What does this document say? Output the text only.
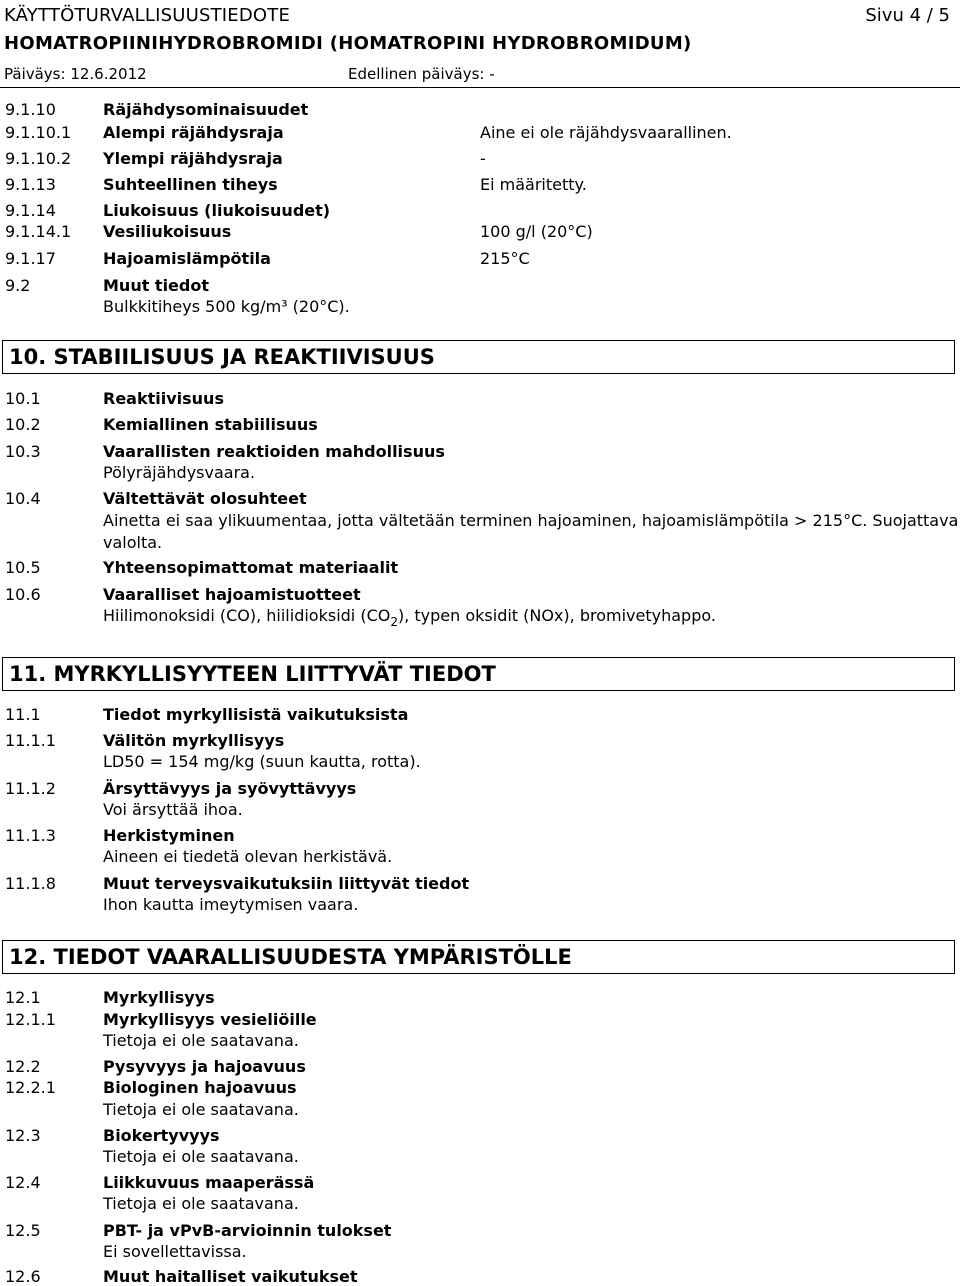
KÄYTTÖTURVALLISUUSTIEDOTE	Sivu 4 / 5
HOMATROPIINIHYDROBROMIDI (HOMATROPINI HYDROBROMIDUM)
Päiväys: 12.6.2012	Edellinen päiväys: -
9.1.10	Räjähdysominaisuudet
9.1.10.1 Alempi räjähdysraja	Aine ei ole räjähdysvaarallinen.
9.1.10.2 Ylempi räjähdysraja	-
9.1.13	Suhteellinen tiheys	Ei määritetty.
9.1.14	Liukoisuus (liukoisuudet)
9.1.14.1 Vesiliukoisuus	100 g/l (20°C)
9.1.17	Hajoamislämpötila	215°C
9.2	Muut tiedot
Bulkkitiheys 500 kg/m³ (20°C).
10. STABIILISUUS JA REAKTIIVISUUS
10.1	Reaktiivisuus
10.2	Kemiallinen stabiilisuus
10.3	Vaarallisten reaktioiden mahdollisuus
Pölyräjähdysvaara.
10.4	Vältettävät olosuhteet
Ainetta ei saa ylikuumentaa, jotta vältetään terminen hajoaminen, hajoamislämpötila > 215°C. Suojattava
valolta.
10.5	Yhteensopimattomat materiaalit
10.6	Vaaralliset hajoamistuotteet
Hiilimonoksidi (CO), hiilidioksidi $(CO_2)$, typen oksidit (NOx), bromivetyhappo.
11. MYRKYLLISYYTEEN LIITTYVÄT TIEDOT
11.1	Tiedot myrkyllisistä vaikutuksista
11.1.1	Välitön myrkyllisyys
LD50 = 154 mg/kg (suun kautta, rotta).
11.1.2	Ärsyttävyys ja syövyttävyys
Voi ärsyttää ihoa.
11.1.3	Herkistyminen
Aineen ei tiedetä olevan herkistävä.
11.1.8	Muut terveysvaikutuksiin liittyvät tiedot
Ihon kautta imeytymisen vaara.
12. TIEDOT VAARALLISUUDESTA YMPÄRISTÖLLE
12.1	Myrkyllisyys
12.1.1	Myrkyllisyys vesieliöille
Tietoja ei ole saatavana.
12.2	Pysyvyys ja hajoavuus
12.2.1	Biologinen hajoavuus
Tietoja ei ole saatavana.
12.3	Biokertyvyys
Tietoja ei ole saatavana.
12.4	Liikkuvuus maaperässä
Tietoja ei ole saatavana.
12.5	PBT- ja vPvB-arvioinnin tulokset
Ei sovellettavissa.
12.6	Muut haitalliset vaikutukset
